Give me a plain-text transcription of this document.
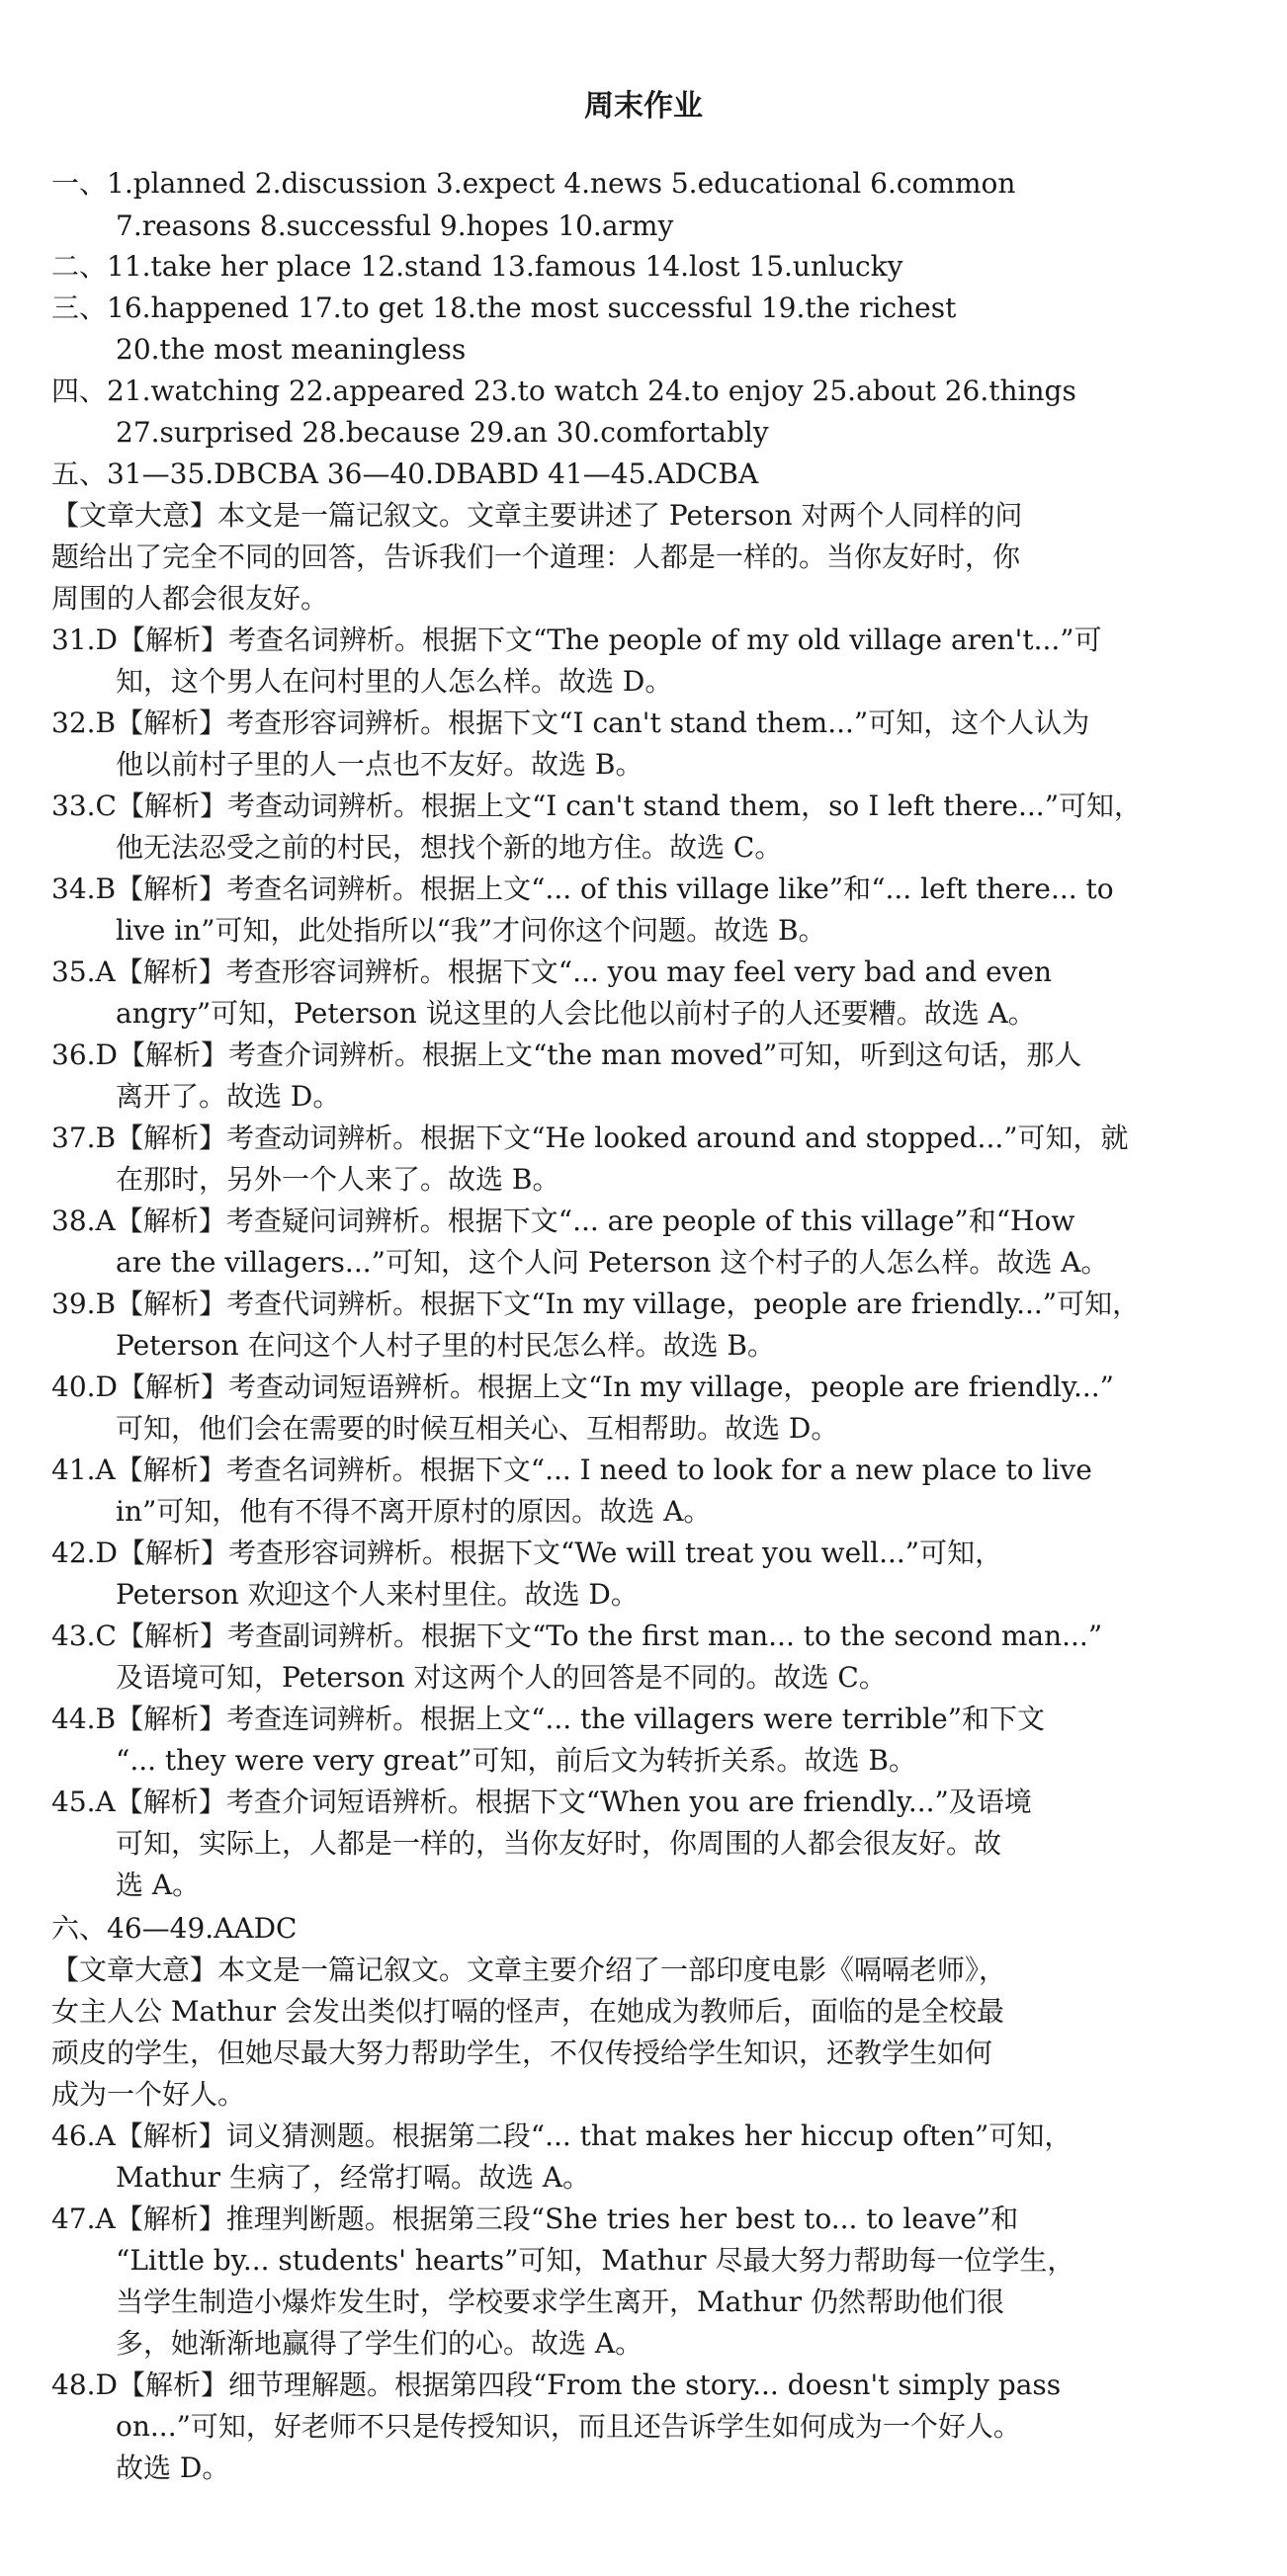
周末作业
一、1.planned 2.discussion 3.expect 4.news 5.educational 6.common
7.reasons 8.successful 9.hopes 10.army
二、11.take her place 12.stand 13.famous 14.lost 15.unlucky
三、16.happened 17.to get 18.the most successful 19.the richest
20.the most meaningless
四、21.watching 22.appeared 23.to watch 24.to enjoy 25.about 26.things
27.surprised 28.because 29.an 30.comfortably
五、31—35.DBCBA 36—40.DBABD 41—45.ADCBA
【文章大意】本文是一篇记叙文。文章主要讲述了 Peterson 对两个人同样的问
题给出了完全不同的回答，告诉我们一个道理：人都是一样的。当你友好时，你
周围的人都会很友好。
31.D【解析】考查名词辨析。根据下文“The people of my old village aren't...”可
知，这个男人在问村里的人怎么样。故选 D。
32.B【解析】考查形容词辨析。根据下文“I can't stand them...”可知，这个人认为
他以前村子里的人一点也不友好。故选 B。
33.C【解析】考查动词辨析。根据上文“I can't stand them，so I left there...”可知，
他无法忍受之前的村民，想找个新的地方住。故选 C。
34.B【解析】考查名词辨析。根据上文“... of this village like”和“... left there... to
live in”可知，此处指所以“我”才问你这个问题。故选 B。
35.A【解析】考查形容词辨析。根据下文“... you may feel very bad and even
angry”可知，Peterson 说这里的人会比他以前村子的人还要糟。故选 A。
36.D【解析】考查介词辨析。根据上文“the man moved”可知，听到这句话，那人
离开了。故选 D。
37.B【解析】考查动词辨析。根据下文“He looked around and stopped...”可知，就
在那时，另外一个人来了。故选 B。
38.A【解析】考查疑问词辨析。根据下文“... are people of this village”和“How
are the villagers...”可知，这个人问 Peterson 这个村子的人怎么样。故选 A。
39.B【解析】考查代词辨析。根据下文“In my village，people are friendly...”可知，
Peterson 在问这个人村子里的村民怎么样。故选 B。
40.D【解析】考查动词短语辨析。根据上文“In my village，people are friendly...”
可知，他们会在需要的时候互相关心、互相帮助。故选 D。
41.A【解析】考查名词辨析。根据下文“... I need to look for a new place to live
in”可知，他有不得不离开原村的原因。故选 A。
42.D【解析】考查形容词辨析。根据下文“We will treat you well...”可知，
Peterson 欢迎这个人来村里住。故选 D。
43.C【解析】考查副词辨析。根据下文“To the first man... to the second man...”
及语境可知，Peterson 对这两个人的回答是不同的。故选 C。
44.B【解析】考查连词辨析。根据上文“... the villagers were terrible”和下文
“... they were very great”可知，前后文为转折关系。故选 B。
45.A【解析】考查介词短语辨析。根据下文“When you are friendly...”及语境
可知，实际上，人都是一样的，当你友好时，你周围的人都会很友好。故
选 A。
六、46—49.AADC
【文章大意】本文是一篇记叙文。文章主要介绍了一部印度电影《嗝嗝老师》，
女主人公 Mathur 会发出类似打嗝的怪声，在她成为教师后，面临的是全校最
顽皮的学生，但她尽最大努力帮助学生，不仅传授给学生知识，还教学生如何
成为一个好人。
46.A【解析】词义猜测题。根据第二段“... that makes her hiccup often”可知，
Mathur 生病了，经常打嗝。故选 A。
47.A【解析】推理判断题。根据第三段“She tries her best to... to leave”和
“Little by... students' hearts”可知，Mathur 尽最大努力帮助每一位学生，
当学生制造小爆炸发生时，学校要求学生离开，Mathur 仍然帮助他们很
多，她渐渐地赢得了学生们的心。故选 A。
48.D【解析】细节理解题。根据第四段“From the story... doesn't simply pass
on...”可知，好老师不只是传授知识，而且还告诉学生如何成为一个好人。
故选 D。
